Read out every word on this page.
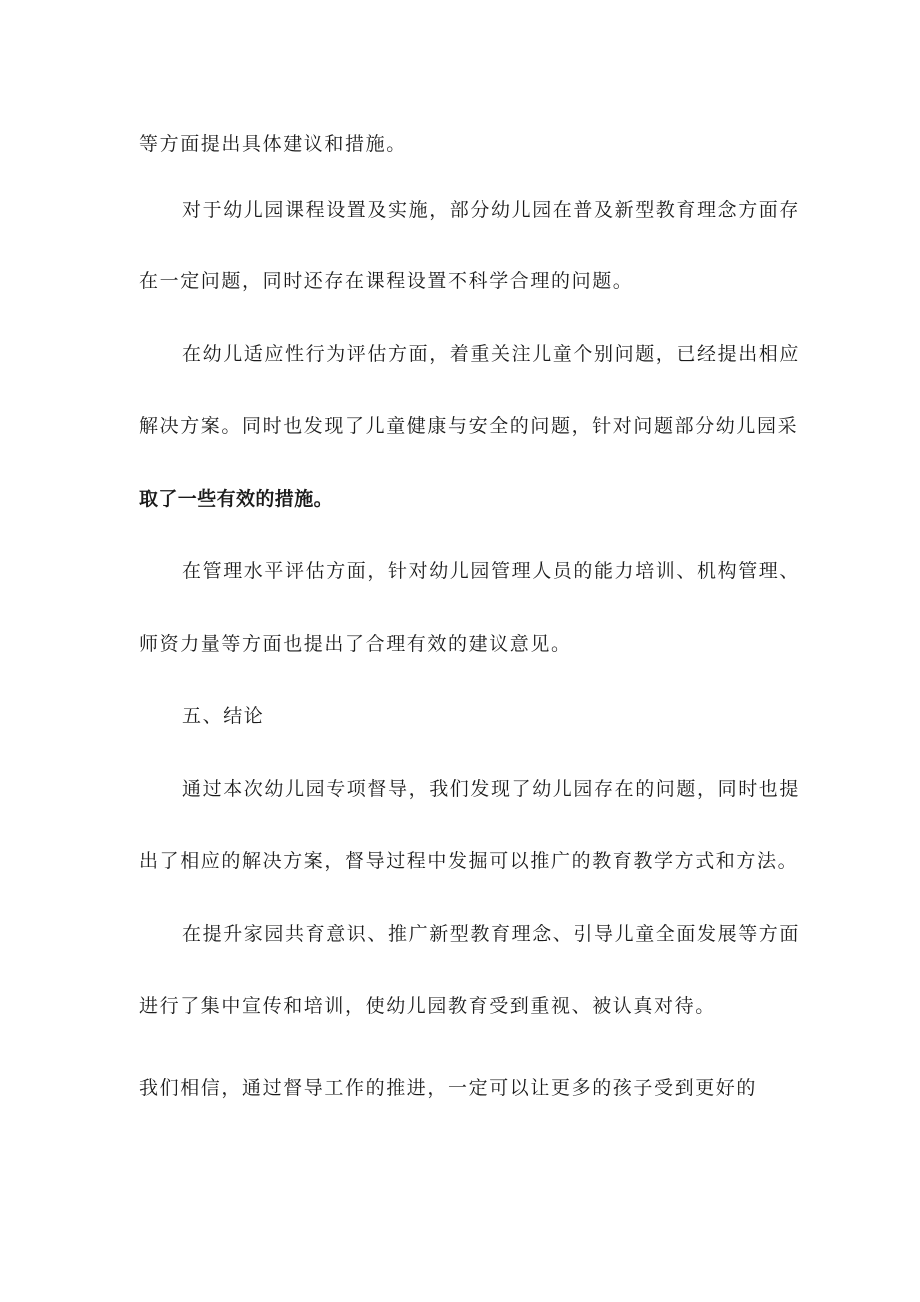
等方面提出具体建议和措施。
对于幼儿园课程设置及实施，部分幼儿园在普及新型教育理念方面存
在一定问题，同时还存在课程设置不科学合理的问题。
在幼儿适应性行为评估方面，着重关注儿童个别问题，已经提出相应
解决方案。同时也发现了儿童健康与安全的问题，针对问题部分幼儿园采
取了一些有效的措施。
在管理水平评估方面，针对幼儿园管理人员的能力培训、机构管理、
师资力量等方面也提出了合理有效的建议意见。
五、结论
通过本次幼儿园专项督导，我们发现了幼儿园存在的问题，同时也提
出了相应的解决方案，督导过程中发掘可以推广的教育教学方式和方法。
在提升家园共育意识、推广新型教育理念、引导儿童全面发展等方面
进行了集中宣传和培训，使幼儿园教育受到重视、被认真对待。
我们相信，通过督导工作的推进，一定可以让更多的孩子受到更好的
